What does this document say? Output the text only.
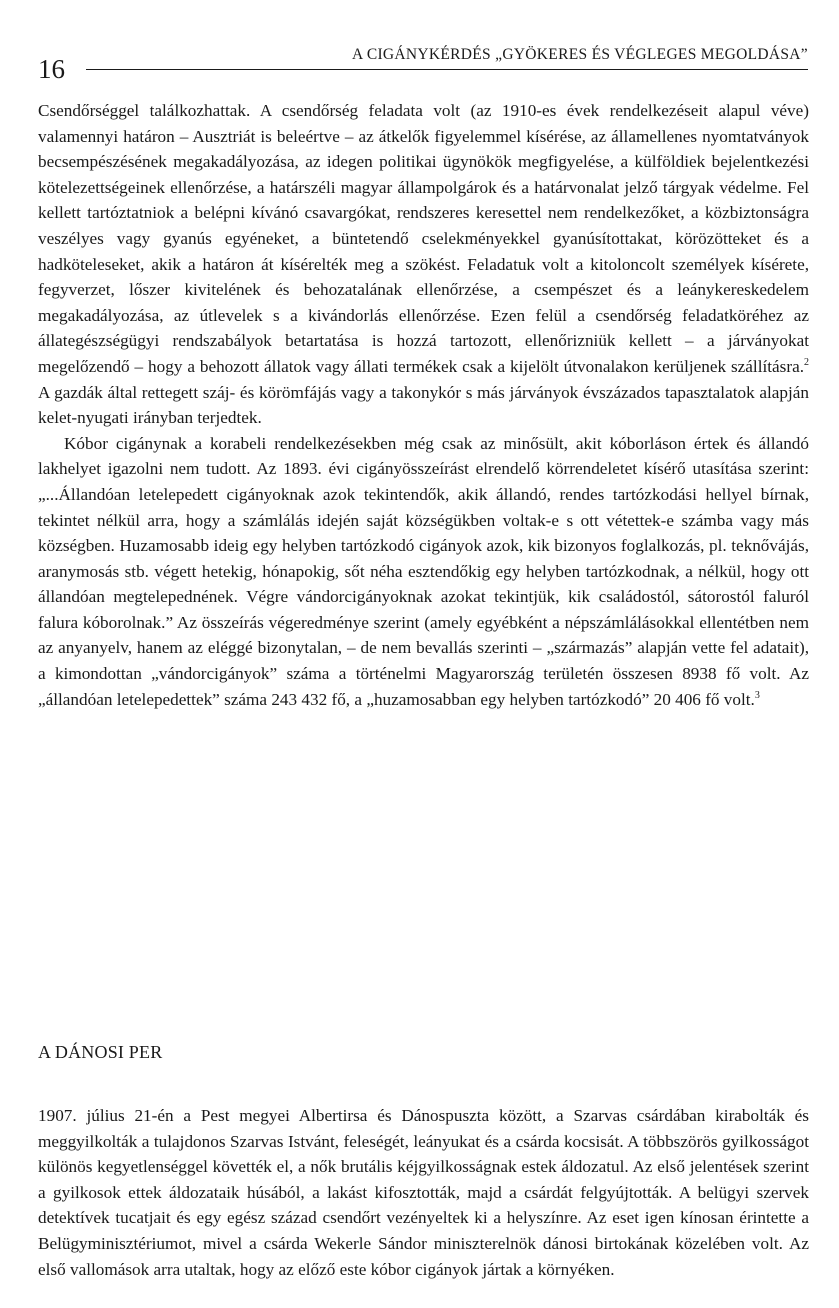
16	A CIGÁNYKÉRDÉS „GYÖKERES ÉS VÉGLEGES MEGOLDÁSA”

Csendőrséggel találkozhattak. A csendőrség feladata volt (az 1910-es évek rendelkezéseit alapul véve) valamennyi határon – Ausztriát is beleértve – az átkelők figyelemmel kísérése, az államellenes nyomtatványok becsempészésének megakadályozása, az idegen politikai ügynökök megfigyelése, a külföldiek bejelentkezési kötelezettségeinek ellenőrzése, a határszéli magyar állampolgárok és a határvonalat jelző tárgyak védelme. Fel kellett tartóztatniok a belépni kívánó csavargókat, rendszeres keresettel nem rendelkezőket, a közbiztonságra veszélyes vagy gyanús egyéneket, a büntetendő cselekményekkel gyanúsítottakat, körözötteket és a hadköteleseket, akik a határon át kísérelték meg a szökést. Feladatuk volt a kitoloncolt személyek kísérete, fegyverzet, lőszer kivitelének és behozatalának ellenőrzése, a csempészet és a leánykereskedelem megakadályozása, az útlevelek s a kivándorlás ellenőrzése. Ezen felül a csendőrség feladatköréhez az állategészségügyi rendszabályok betartatása is hozzá tartozott, ellenőrizniük kellett – a járványokat megelőzendő – hogy a behozott állatok vagy állati termékek csak a kijelölt útvonalakon kerüljenek szállításra.$^2$ A gazdák által rettegett száj- és körömfájás vagy a takonykór s más járványok évszázados tapasztalatok alapján kelet-nyugati irányban terjedtek.

Kóbor cigánynak a korabeli rendelkezésekben még csak az minősült, akit kóborláson értek és állandó lakhelyet igazolni nem tudott. Az 1893. évi cigányösszeírást elrendelő körrendeletet kísérő utasítása szerint: „...Állandóan letelepedett cigányoknak azok tekintendők, akik állandó, rendes tartózkodási hellyel bírnak, tekintet nélkül arra, hogy a számlálás idején saját községükben voltak-e s ott vétettek-e számba vagy más községben. Huzamosabb ideig egy helyben tartózkodó cigányok azok, kik bizonyos foglalkozás, pl. teknővájás, aranymosás stb. végett hetekig, hónapokig, sőt néha esztendőkig egy helyben tartózkodnak, a nélkül, hogy ott állandóan megtelepednének. Végre vándorcigányoknak azokat tekintjük, kik családostól, sátorostól faluról falura kóborolnak.” Az összeírás végeredménye szerint (amely egyébként a népszámlálásokkal ellentétben nem az anyanyelv, hanem az eléggé bizonytalan, – de nem bevallás szerinti – „származás” alapján vette fel adatait), a kimondottan „vándorcigányok” száma a történelmi Magyarország területén összesen 8938 fő volt. Az „állandóan letelepedettek” száma 243 432 fő, a „huzamosabban egy helyben tartózkodó” 20 406 fő volt.$^3$

A DÁNOSI PER

1907. július 21-én a Pest megyei Albertirsa és Dánospuszta között, a Szarvas csárdában kirabolták és meggyilkolták a tulajdonos Szarvas Istvánt, feleségét, leányukat és a csárda kocsisát. A többszörös gyilkosságot különös kegyetlenséggel követték el, a nők brutális kéjgyilkosságnak estek áldozatul. Az első jelentések szerint a gyilkosok ettek áldozataik húsából, a lakást kifosztották, majd a csárdát felgyújtották. A belügyi szervek detektívek tucatjait és egy egész század csendőrt vezényeltek ki a helyszínre. Az eset igen kínosan érintette a Belügyminisztériumot, mivel a csárda Wekerle Sándor miniszterelnök dánosi birtokának közelében volt. Az első vallomások arra utaltak, hogy az előző este kóbor cigányok jártak a környéken.
